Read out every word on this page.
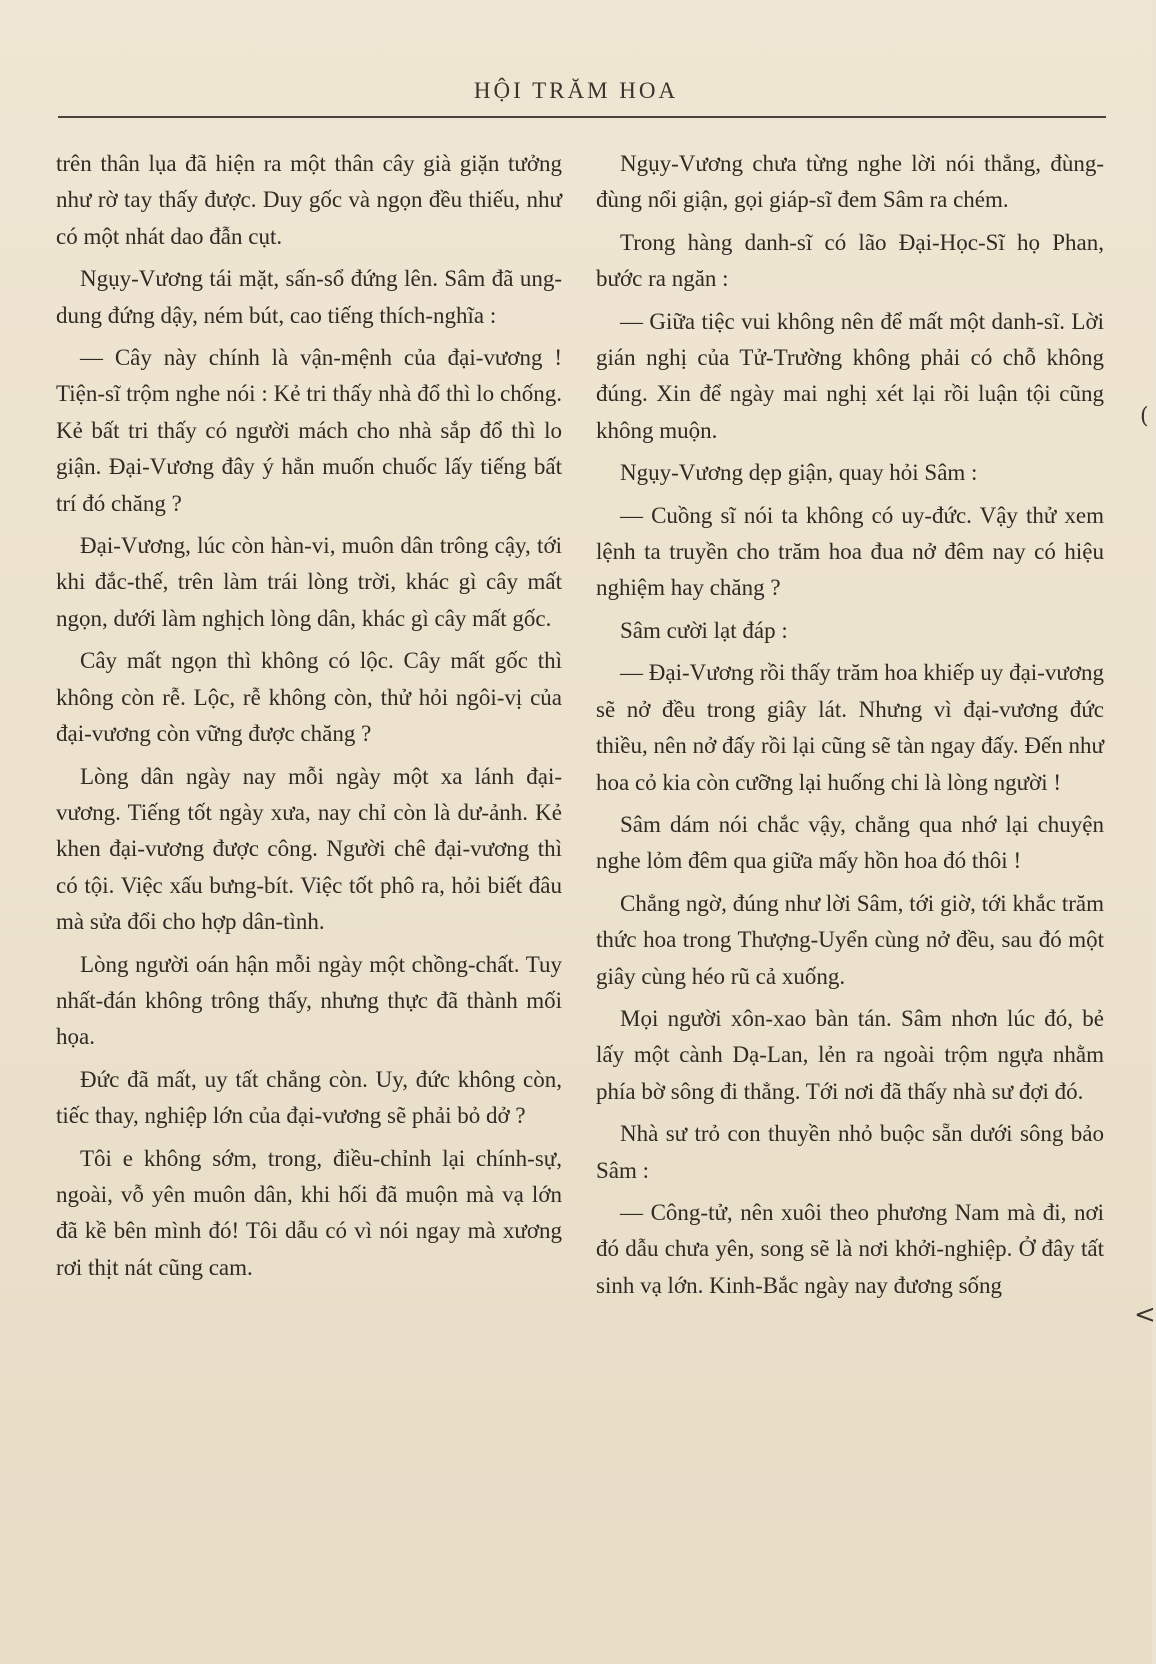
HỘI TRĂM HOA

trên thân lụa đã hiện ra một thân cây già giặn tưởng như rờ tay thấy được. Duy gốc và ngọn đều thiếu, như có một nhát dao đẫn cụt.

Ngụy-Vương tái mặt, sấn-sổ đứng lên. Sâm đã ung-dung đứng dậy, ném bút, cao tiếng thích-nghĩa :

— Cây này chính là vận-mệnh của đại-vương ! Tiện-sĩ trộm nghe nói : Kẻ tri thấy nhà đổ thì lo chống. Kẻ bất tri thấy có người mách cho nhà sắp đổ thì lo giận. Đại-Vương đây ý hẳn muốn chuốc lấy tiếng bất trí đó chăng ?

Đại-Vương, lúc còn hàn-vi, muôn dân trông cậy, tới khi đắc-thế, trên làm trái lòng trời, khác gì cây mất ngọn, dưới làm nghịch lòng dân, khác gì cây mất gốc.

Cây mất ngọn thì không có lộc. Cây mất gốc thì không còn rễ. Lộc, rễ không còn, thử hỏi ngôi-vị của đại-vương còn vững được chăng ?

Lòng dân ngày nay mỗi ngày một xa lánh đại-vương. Tiếng tốt ngày xưa, nay chỉ còn là dư-ảnh. Kẻ khen đại-vương được công. Người chê đại-vương thì có tội. Việc xấu bưng-bít. Việc tốt phô ra, hỏi biết đâu mà sửa đổi cho hợp dân-tình.

Lòng người oán hận mỗi ngày một chồng-chất. Tuy nhất-đán không trông thấy, nhưng thực đã thành mối họa.

Đức đã mất, uy tất chẳng còn. Uy, đức không còn, tiếc thay, nghiệp lớn của đại-vương sẽ phải bỏ dở ?

Tôi e không sớm, trong, điều-chỉnh lại chính-sự, ngoài, vỗ yên muôn dân, khi hối đã muộn mà vạ lớn đã kề bên mình đó! Tôi dẫu có vì nói ngay mà xương rơi thịt nát cũng cam.

Ngụy-Vương chưa từng nghe lời nói thẳng, đùng-đùng nổi giận, gọi giáp-sĩ đem Sâm ra chém.

Trong hàng danh-sĩ có lão Đại-Học-Sĩ họ Phan, bước ra ngăn :

— Giữa tiệc vui không nên để mất một danh-sĩ. Lời gián nghị của Tử-Trường không phải có chỗ không đúng. Xin để ngày mai nghị xét lại rồi luận tội cũng không muộn.

Ngụy-Vương dẹp giận, quay hỏi Sâm :

— Cuồng sĩ nói ta không có uy-đức. Vậy thử xem lệnh ta truyền cho trăm hoa đua nở đêm nay có hiệu nghiệm hay chăng ?

Sâm cười lạt đáp :

— Đại-Vương rồi thấy trăm hoa khiếp uy đại-vương sẽ nở đều trong giây lát. Nhưng vì đại-vương đức thiều, nên nở đấy rồi lại cũng sẽ tàn ngay đấy. Đến như hoa cỏ kia còn cưỡng lại huống chi là lòng người !

Sâm dám nói chắc vậy, chẳng qua nhớ lại chuyện nghe lỏm đêm qua giữa mấy hồn hoa đó thôi !

Chẳng ngờ, đúng như lời Sâm, tới giờ, tới khắc trăm thức hoa trong Thượng-Uyển cùng nở đều, sau đó một giây cùng héo rũ cả xuống.

Mọi người xôn-xao bàn tán. Sâm nhơn lúc đó, bẻ lấy một cành Dạ-Lan, lẻn ra ngoài trộm ngựa nhằm phía bờ sông đi thẳng. Tới nơi đã thấy nhà sư đợi đó.

Nhà sư trỏ con thuyền nhỏ buộc sẵn dưới sông bảo Sâm :

— Công-tử, nên xuôi theo phương Nam mà đi, nơi đó dẫu chưa yên, song sẽ là nơi khởi-nghiệp. Ở đây tất sinh vạ lớn. Kinh-Bắc ngày nay đương sống

(
<
